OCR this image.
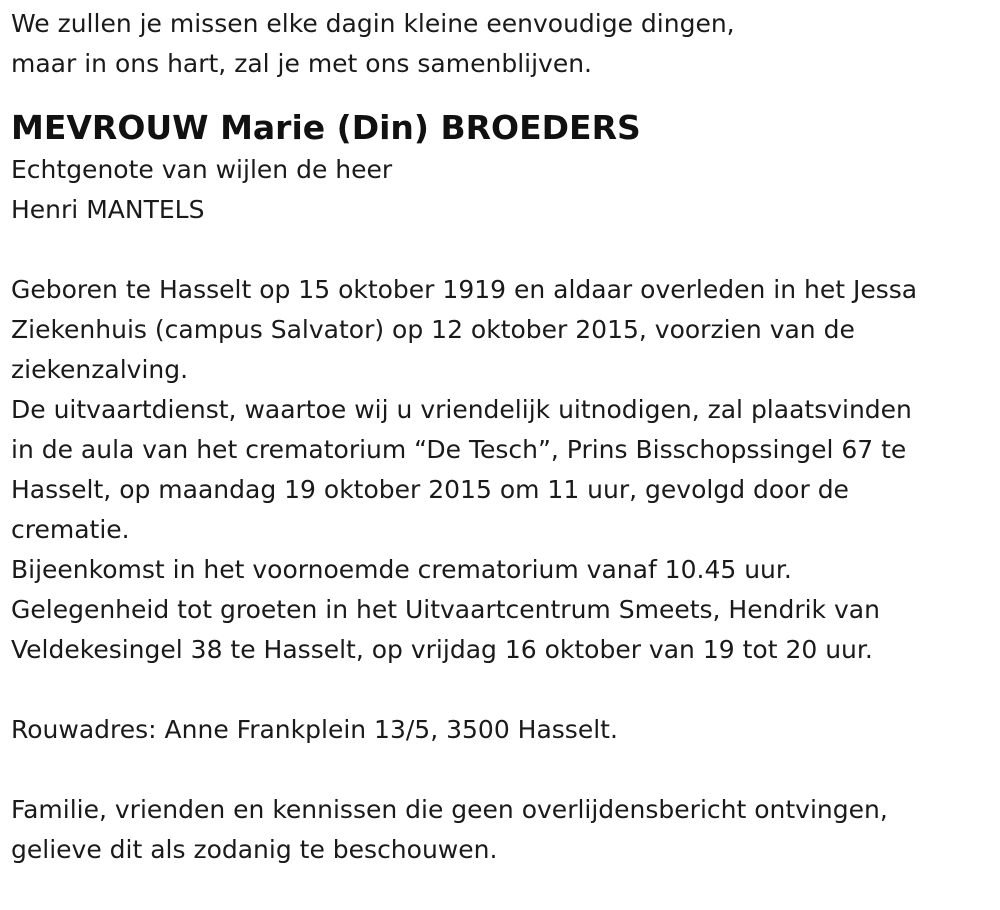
We zullen je missen elke dagin kleine eenvoudige dingen,
maar in ons hart, zal je met ons samenblijven.
MEVROUW Marie (Din) BROEDERS
Echtgenote van wijlen de heer
Henri MANTELS
Geboren te Hasselt op 15 oktober 1919 en aldaar overleden in het Jessa
Ziekenhuis (campus Salvator) op 12 oktober 2015, voorzien van de
ziekenzalving.
De uitvaartdienst, waartoe wij u vriendelijk uitnodigen, zal plaatsvinden
in de aula van het crematorium “De Tesch”, Prins Bisschopssingel 67 te
Hasselt, op maandag 19 oktober 2015 om 11 uur, gevolgd door de
crematie.
Bijeenkomst in het voornoemde crematorium vanaf 10.45 uur.
Gelegenheid tot groeten in het Uitvaartcentrum Smeets, Hendrik van
Veldekesingel 38 te Hasselt, op vrijdag 16 oktober van 19 tot 20 uur.
Rouwadres: Anne Frankplein 13/5, 3500 Hasselt.
Familie, vrienden en kennissen die geen overlijdensbericht ontvingen,
gelieve dit als zodanig te beschouwen.
